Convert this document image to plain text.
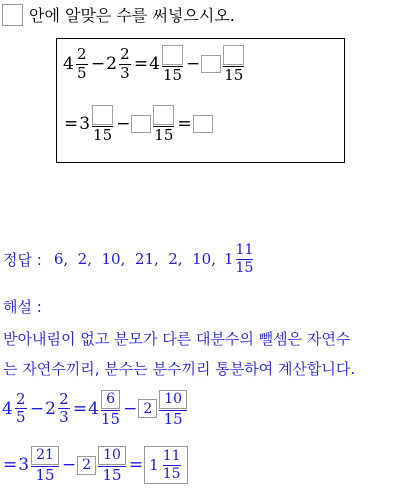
안에 알맞은 수를 써넣으시오.
$4 \frac{2}{5} - 2 \frac{2}{3} = 4$
15
−
15
= 3
15
−
15
=
정답 : 6,  2,  10,  21,  2,  10, $1 \frac{11}{15}$
해설 :
받아내림이 없고 분모가 다른 대분수의 뺄셈은 자연수
는 자연수끼리, 분수는 분수끼리 통분하여 계산합니다.
$4 \frac{2}{5} - 2 \frac{2}{3} = 4 \frac{6}{15} - 2 \frac{10}{15}$
= $3 \frac{21}{15} - 2 \frac{10}{15} = 1 \frac{11}{15}$
